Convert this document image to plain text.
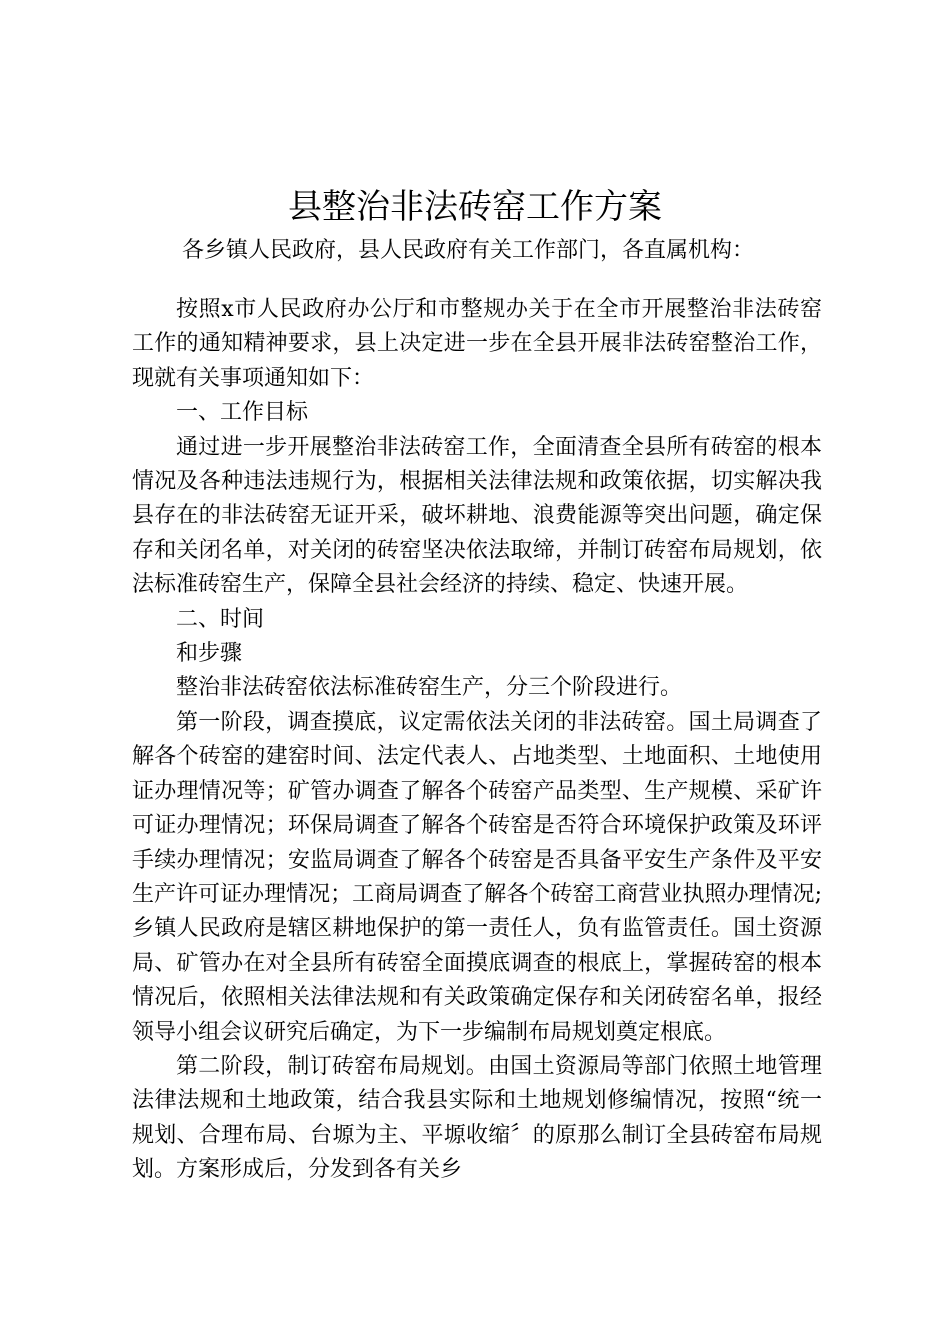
县整治非法砖窑工作方案

各乡镇人民政府，县人民政府有关工作部门，各直属机构：

按照x市人民政府办公厅和市整规办关于在全市开展整治非法砖窑工作的通知精神要求，县上决定进一步在全县开展非法砖窑整治工作，现就有关事项通知如下：

一、工作目标

通过进一步开展整治非法砖窑工作，全面清查全县所有砖窑的根本情况及各种违法违规行为，根据相关法律法规和政策依据，切实解决我县存在的非法砖窑无证开采，破坏耕地、浪费能源等突出问题，确定保存和关闭名单，对关闭的砖窑坚决依法取缔，并制订砖窑布局规划，依法标准砖窑生产，保障全县社会经济的持续、稳定、快速开展。

二、时间

和步骤

整治非法砖窑依法标准砖窑生产，分三个阶段进行。

第一阶段，调查摸底，议定需依法关闭的非法砖窑。国土局调查了解各个砖窑的建窑时间、法定代表人、占地类型、土地面积、土地使用证办理情况等；矿管办调查了解各个砖窑产品类型、生产规模、采矿许可证办理情况；环保局调查了解各个砖窑是否符合环境保护政策及环评手续办理情况；安监局调查了解各个砖窑是否具备平安生产条件及平安生产许可证办理情况；工商局调查了解各个砖窑工商营业执照办理情况;乡镇人民政府是辖区耕地保护的第一责任人，负有监管责任。国土资源局、矿管办在对全县所有砖窑全面摸底调查的根底上，掌握砖窑的根本情况后，依照相关法律法规和有关政策确定保存和关闭砖窑名单，报经领导小组会议研究后确定，为下一步编制布局规划奠定根底。

第二阶段，制订砖窑布局规划。由国土资源局等部门依照土地管理法律法规和土地政策，结合我县实际和土地规划修编情况，按照“统一规划、合理布局、台塬为主、平塬收缩〞的原那么制订全县砖窑布局规划。方案形成后，分发到各有关乡
